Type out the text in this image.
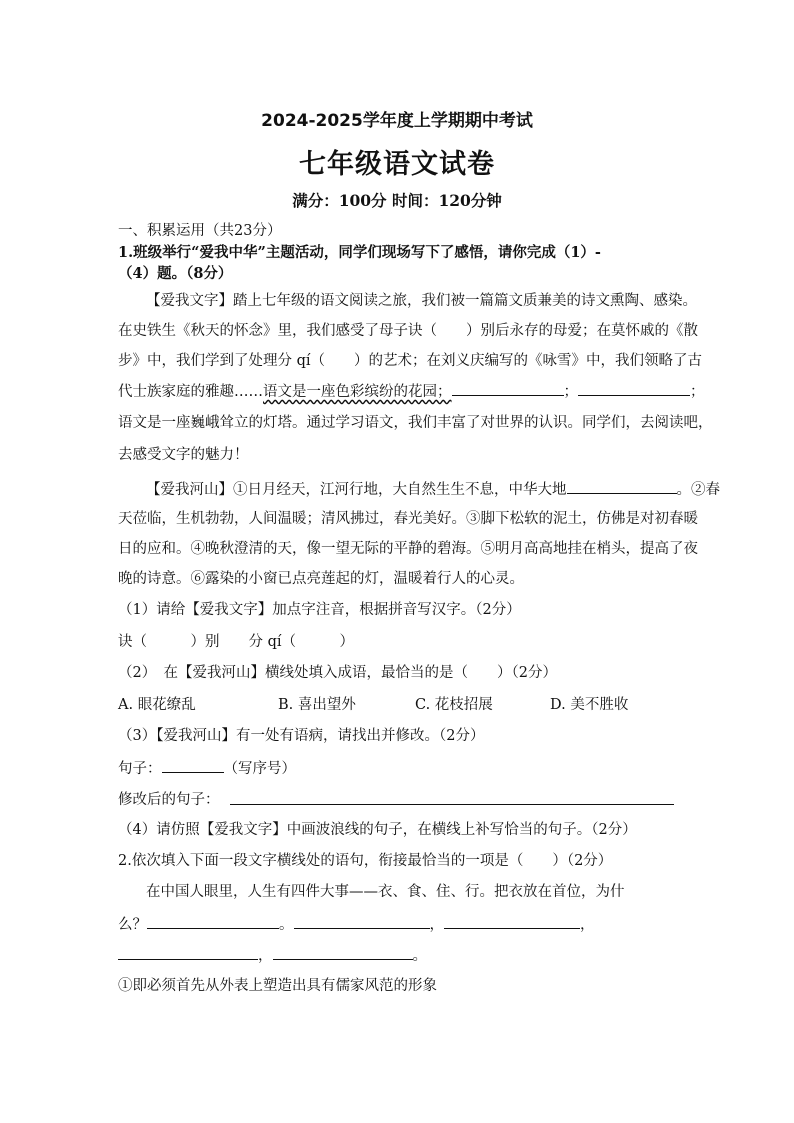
2024-2025学年度上学期期中考试
七年级语文试卷
满分：100分 时间：120分钟
一、积累运用（共23分）
1.班级举行“爱我中华”主题活动，同学们现场写下了感悟，请你完成（1）-
（4）题。（8分）
【爱我文字】踏上七年级的语文阅读之旅，我们被一篇篇文质兼美的诗文熏陶、感染。
在史铁生《秋天的怀念》里，我们感受了母子诀（　　）别后永存的母爱；在莫怀戚的《散
步》中，我们学到了处理分 qí（　　）的艺术；在刘义庆编写的《咏雪》中，我们领略了古
代士族家庭的雅趣……语文是一座色彩缤纷的花园；	；	；
语文是一座巍峨耸立的灯塔。通过学习语文，我们丰富了对世界的认识。同学们，去阅读吧，
去感受文字的魅力！
【爱我河山】①日月经天，江河行地，大自然生生不息，中华大地	。②春
天莅临，生机勃勃，人间温暖；清风拂过，春光美好。③脚下松软的泥土，仿佛是对初春暖
日的应和。④晚秋澄清的天，像一望无际的平静的碧海。⑤明月高高地挂在梢头，提高了夜
晚的诗意。⑥露染的小窗已点亮莲起的灯，温暖着行人的心灵。
（1）请给【爱我文字】加点字注音，根据拼音写汉字。（2分）
诀（　　　）别　　分 qí（　　　）
（2）　在【爱我河山】横线处填入成语，最恰当的是（　　）（2分）
A. 眼花缭乱	B. 喜出望外	C. 花枝招展	D. 美不胜收
（3）【爱我河山】有一处有语病，请找出并修改。（2分）
句子：	（写序号）
修改后的句子：
（4）请仿照【爱我文字】中画波浪线的句子，在横线上补写恰当的句子。（2分）
2.依次填入下面一段文字横线处的语句，衔接最恰当的一项是（　　）（2分）
在中国人眼里，人生有四件大事——衣、食、住、行。把衣放在首位，为什
么？	。	，	，
，	。
①即必须首先从外表上塑造出具有儒家风范的形象
